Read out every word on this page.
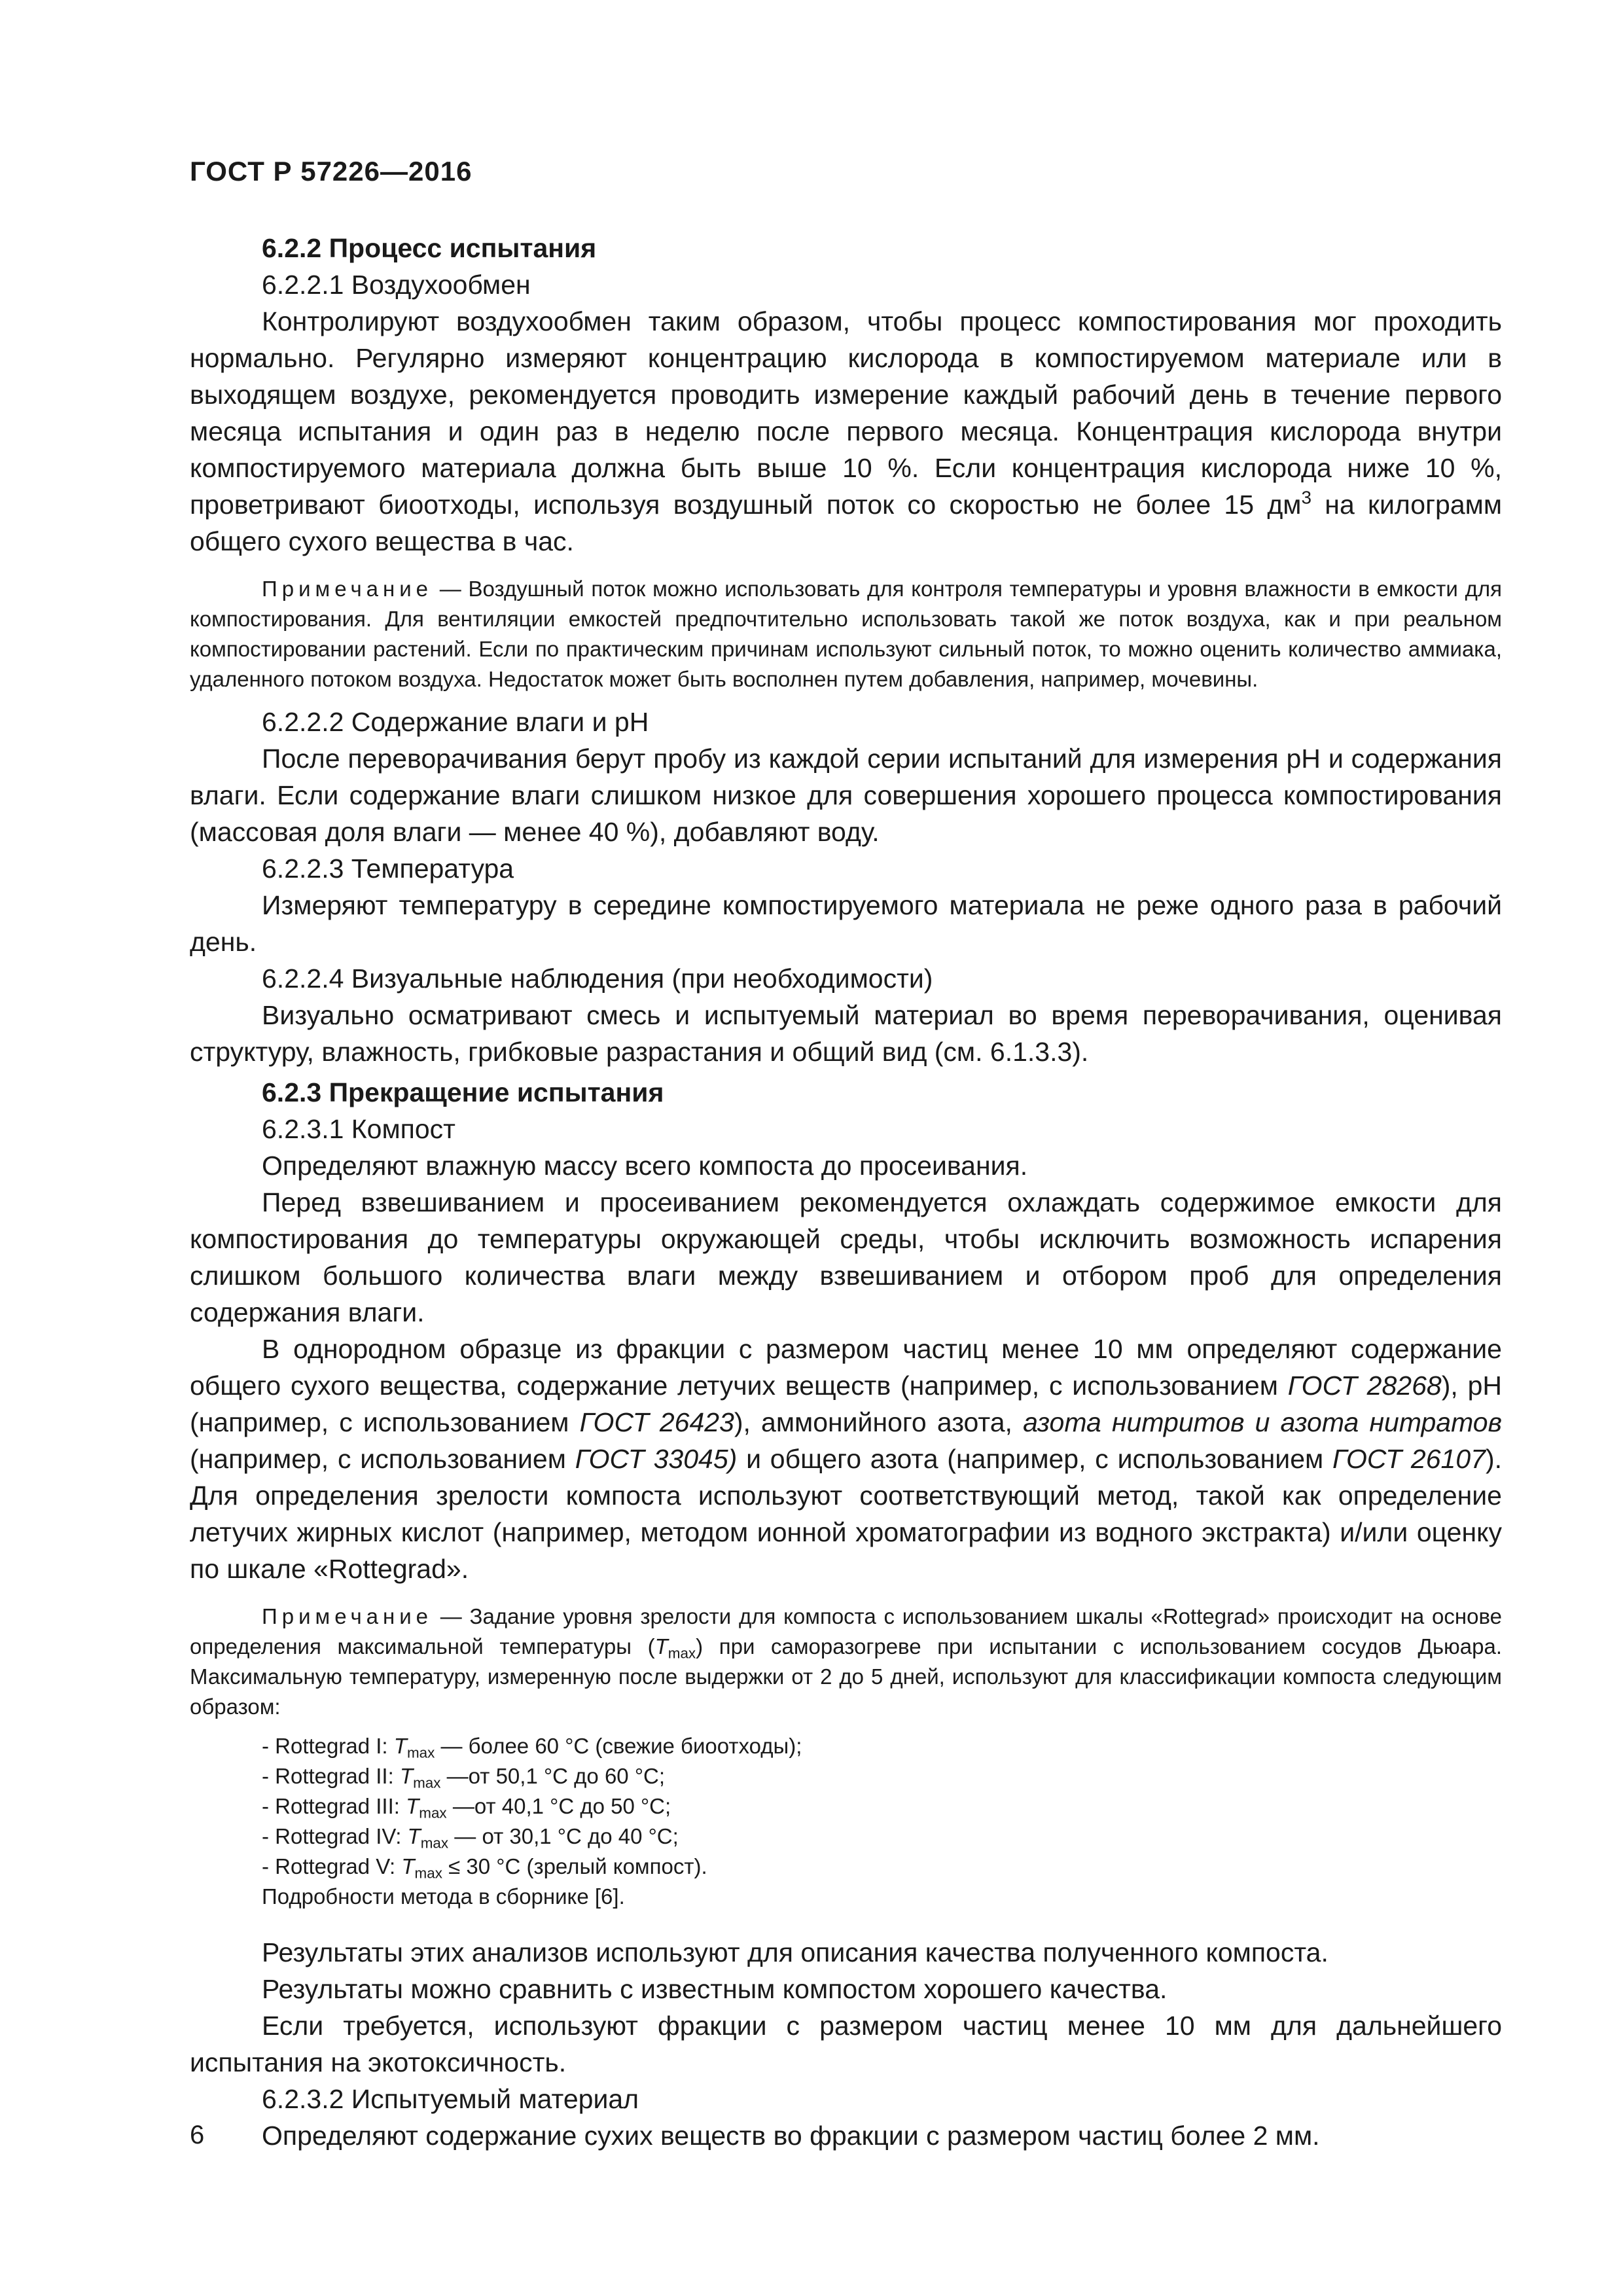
ГОСТ Р 57226—2016

6.2.2 Процесс испытания

6.2.2.1 Воздухообмен

Контролируют воздухообмен таким образом, чтобы процесс компостирования мог проходить нормально. Регулярно измеряют концентрацию кислорода в компостируемом материале или в выходящем воздухе, рекомендуется проводить измерение каждый рабочий день в течение первого месяца испытания и один раз в неделю после первого месяца. Концентрация кислорода внутри компостируемого материала должна быть выше 10 %. Если концентрация кислорода ниже 10 %, проветривают биоотходы, используя воздушный поток со скоростью не более 15 $дм^3$ на килограмм общего сухого вещества в час.

Примечание — Воздушный поток можно использовать для контроля температуры и уровня влажности в емкости для компостирования. Для вентиляции емкостей предпочтительно использовать такой же поток воздуха, как и при реальном компостировании растений. Если по практическим причинам используют сильный поток, то можно оценить количество аммиака, удаленного потоком воздуха. Недостаток может быть восполнен путем добавления, например, мочевины.

6.2.2.2 Содержание влаги и pH

После переворачивания берут пробу из каждой серии испытаний для измерения pH и содержания влаги. Если содержание влаги слишком низкое для совершения хорошего процесса компостирования (массовая доля влаги — менее 40 %), добавляют воду.

6.2.2.3 Температура

Измеряют температуру в середине компостируемого материала не реже одного раза в рабочий день.

6.2.2.4 Визуальные наблюдения (при необходимости)

Визуально осматривают смесь и испытуемый материал во время переворачивания, оценивая структуру, влажность, грибковые разрастания и общий вид (см. 6.1.3.3).

6.2.3 Прекращение испытания

6.2.3.1 Компост

Определяют влажную массу всего компоста до просеивания.

Перед взвешиванием и просеиванием рекомендуется охлаждать содержимое емкости для компостирования до температуры окружающей среды, чтобы исключить возможность испарения слишком большого количества влаги между взвешиванием и отбором проб для определения содержания влаги.

В однородном образце из фракции с размером частиц менее 10 мм определяют содержание общего сухого вещества, содержание летучих веществ (например, с использованием ГОСТ 28268), pH (например, с использованием ГОСТ 26423), аммонийного азота, азота нитритов и азота нитратов (например, с использованием ГОСТ 33045) и общего азота (например, с использованием ГОСТ 26107). Для определения зрелости компоста используют соответствующий метод, такой как определение летучих жирных кислот (например, методом ионной хроматографии из водного экстракта) и/или оценку по шкале «Rottegrad».

Примечание — Задание уровня зрелости для компоста с использованием шкалы «Rottegrad» происходит на основе определения максимальной температуры $(T_{max})$ при саморазогреве при испытании с использованием сосудов Дьюара. Максимальную температуру, измеренную после выдержки от 2 до 5 дней, используют для классификации компоста следующим образом:

- Rottegrad I: $T_{max}$ — более 60 °С (свежие биоотходы);
- Rottegrad II: $T_{max}$ —от 50,1 °С до 60 °С;
- Rottegrad III: $T_{max}$ —от 40,1 °С до 50 °С;
- Rottegrad IV: $T_{max}$ — от 30,1 °С до 40 °С;
- Rottegrad V: $T_{max} \le 30$ °С (зрелый компост).

Подробности метода в сборнике [6].

Результаты этих анализов используют для описания качества полученного компоста.

Результаты можно сравнить с известным компостом хорошего качества.

Если требуется, используют фракции с размером частиц менее 10 мм для дальнейшего испытания на экотоксичность.

6.2.3.2 Испытуемый материал

Определяют содержание сухих веществ во фракции с размером частиц более 2 мм.

6
